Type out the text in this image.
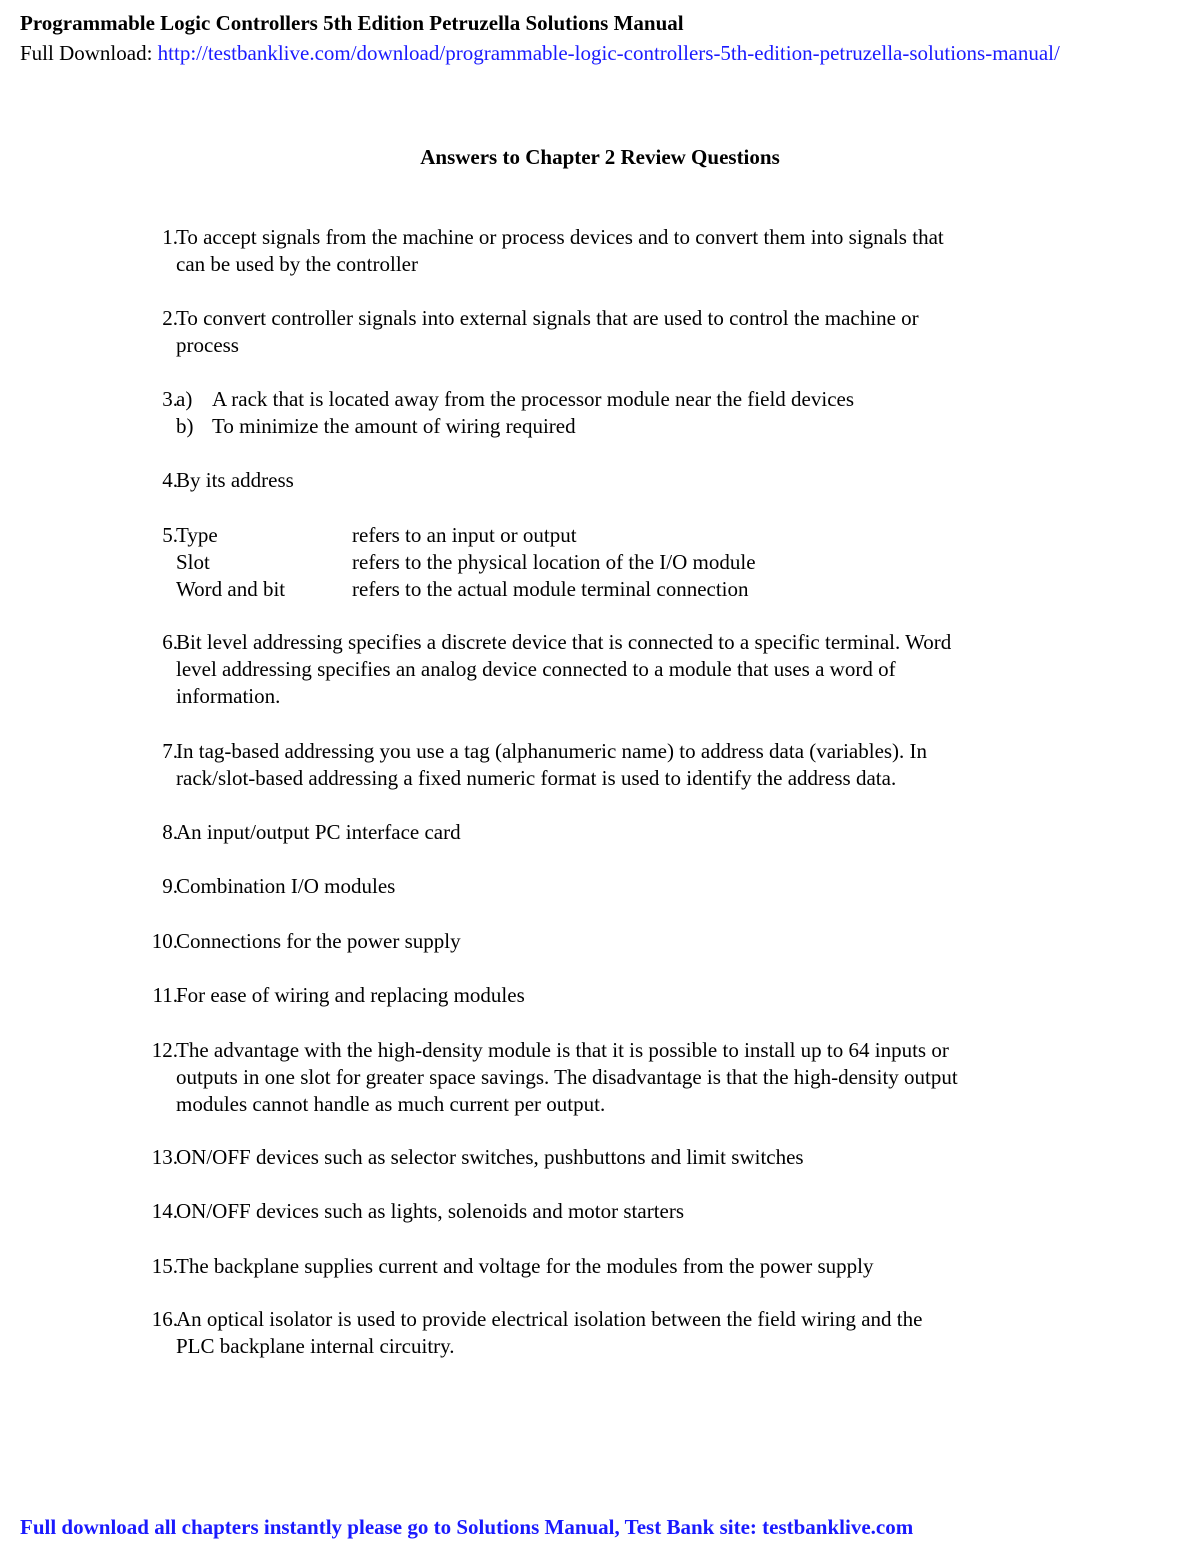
Programmable Logic Controllers 5th Edition Petruzella Solutions Manual
Full Download: http://testbanklive.com/download/programmable-logic-controllers-5th-edition-petruzella-solutions-manual/
Answers to Chapter 2 Review Questions
1.
To accept signals from the machine or process devices and to convert them into signals that
can be used by the controller
2.
To convert controller signals into external signals that are used to control the machine or
process
3.
a) A rack that is located away from the processor module near the field devices
b) To minimize the amount of wiring required
4.
By its address
5.
Type	refers to an input or output
Slot	refers to the physical location of the I/O module
Word and bit	refers to the actual module terminal connection
6.
Bit level addressing specifies a discrete device that is connected to a specific terminal. Word
level addressing specifies an analog device connected to a module that uses a word of
information.
7.
In tag-based addressing you use a tag (alphanumeric name) to address data (variables). In
rack/slot-based addressing a fixed numeric format is used to identify the address data.
8.
An input/output PC interface card
9.
Combination I/O modules
10.
Connections for the power supply
11.
For ease of wiring and replacing modules
12.
The advantage with the high-density module is that it is possible to install up to 64 inputs or
outputs in one slot for greater space savings. The disadvantage is that the high-density output
modules cannot handle as much current per output.
13.
ON/OFF devices such as selector switches, pushbuttons and limit switches
14.
ON/OFF devices such as lights, solenoids and motor starters
15.
The backplane supplies current and voltage for the modules from the power supply
16.
An optical isolator is used to provide electrical isolation between the field wiring and the
PLC backplane internal circuitry.
Full download all chapters instantly please go to Solutions Manual, Test Bank site: testbanklive.com
